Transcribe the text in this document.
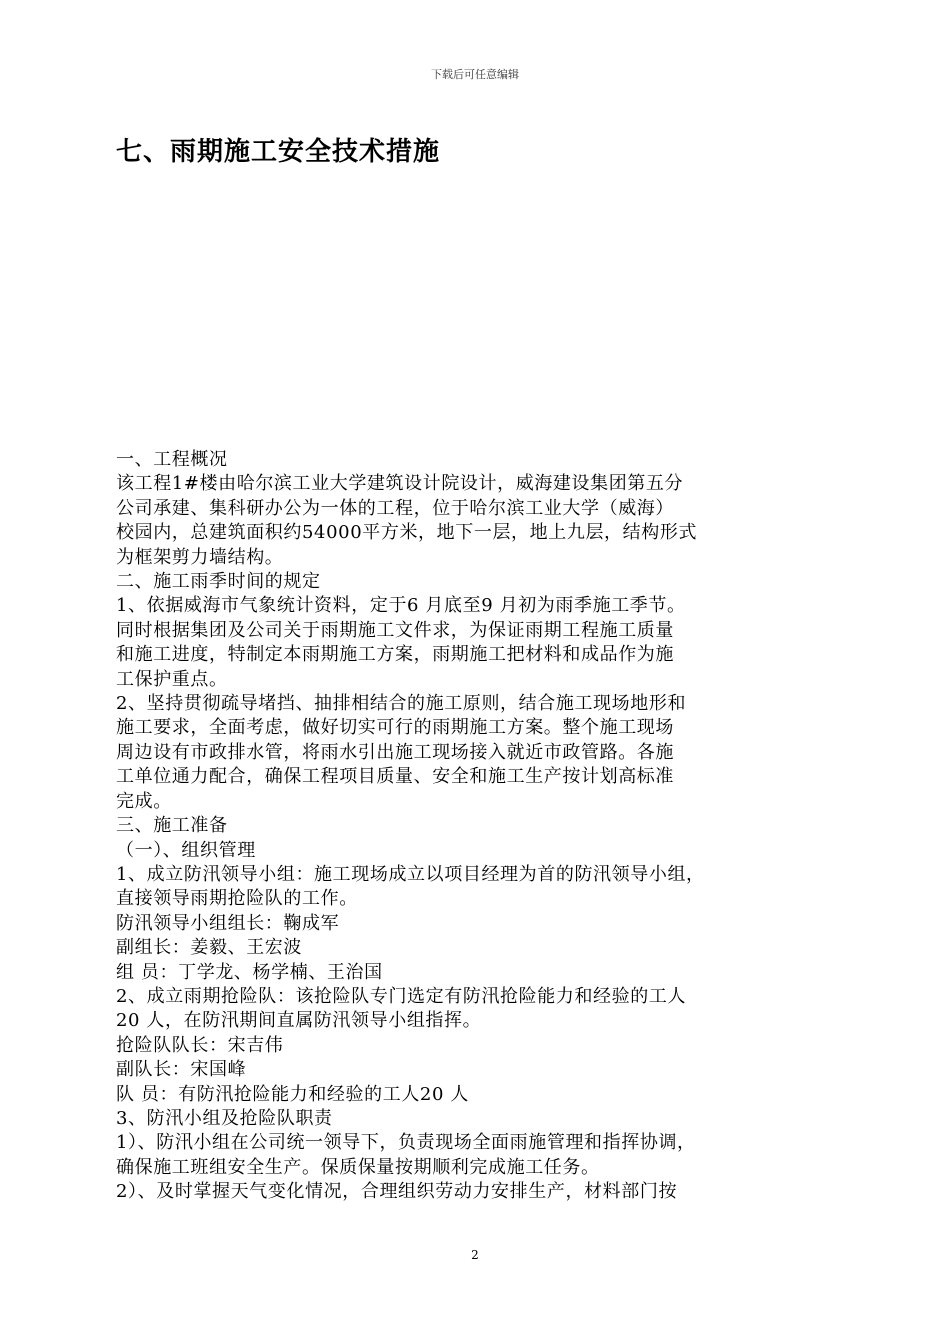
下载后可任意编辑
七、雨期施工安全技术措施

一、工程概况

该工程1#楼由哈尔滨工业大学建筑设计院设计，威海建设集团第五分

公司承建、集科研办公为一体的工程，位于哈尔滨工业大学（威海）

校园内，总建筑面积约54000平方米，地下一层，地上九层，结构形式

为框架剪力墙结构。

二、施工雨季时间的规定

1、依据威海市气象统计资料，定于6 月底至9 月初为雨季施工季节。

同时根据集团及公司关于雨期施工文件求，为保证雨期工程施工质量

和施工进度，特制定本雨期施工方案，雨期施工把材料和成品作为施

工保护重点。

2、坚持贯彻疏导堵挡、抽排相结合的施工原则，结合施工现场地形和

施工要求，全面考虑，做好切实可行的雨期施工方案。整个施工现场

周边设有市政排水管，将雨水引出施工现场接入就近市政管路。各施

工单位通力配合，确保工程项目质量、安全和施工生产按计划高标准

完成。

三、施工准备

（一）、组织管理

1、成立防汛领导小组：施工现场成立以项目经理为首的防汛领导小组，

直接领导雨期抢险队的工作。

防汛领导小组组长：鞠成军

副组长：姜毅、王宏波

组 员：丁学龙、杨学楠、王治国

2、成立雨期抢险队：该抢险队专门选定有防汛抢险能力和经验的工人

20 人，在防汛期间直属防汛领导小组指挥。

抢险队队长：宋吉伟

副队长：宋国峰

队 员：有防汛抢险能力和经验的工人20 人

3、防汛小组及抢险队职责

1）、防汛小组在公司统一领导下，负责现场全面雨施管理和指挥协调，

确保施工班组安全生产。保质保量按期顺利完成施工任务。

2）、及时掌握天气变化情况，合理组织劳动力安排生产，材料部门按

2
